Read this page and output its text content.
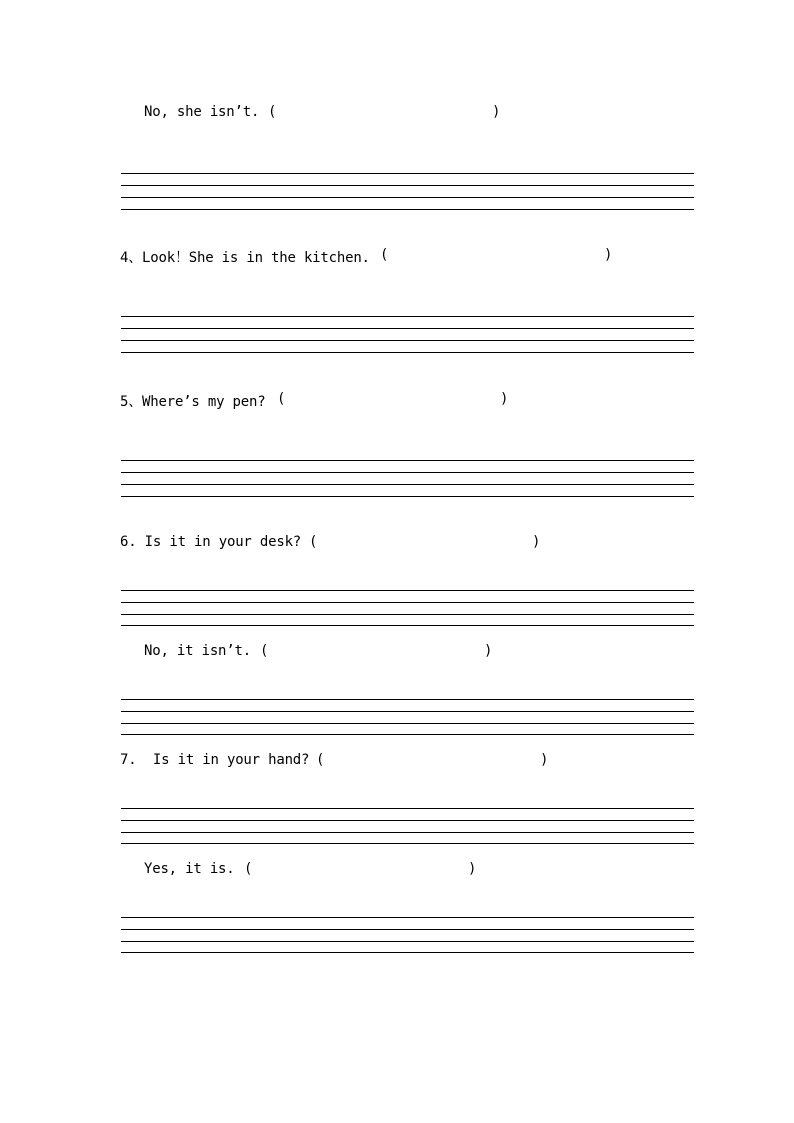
No, she isn’t. (	)
4、Look！She is in the kitchen. (	)
5、Where’s my pen? (	)
6. Is it in your desk? (	)
No, it isn’t. (	)
7.  Is it in your hand? (	)
Yes, it is. (	)
